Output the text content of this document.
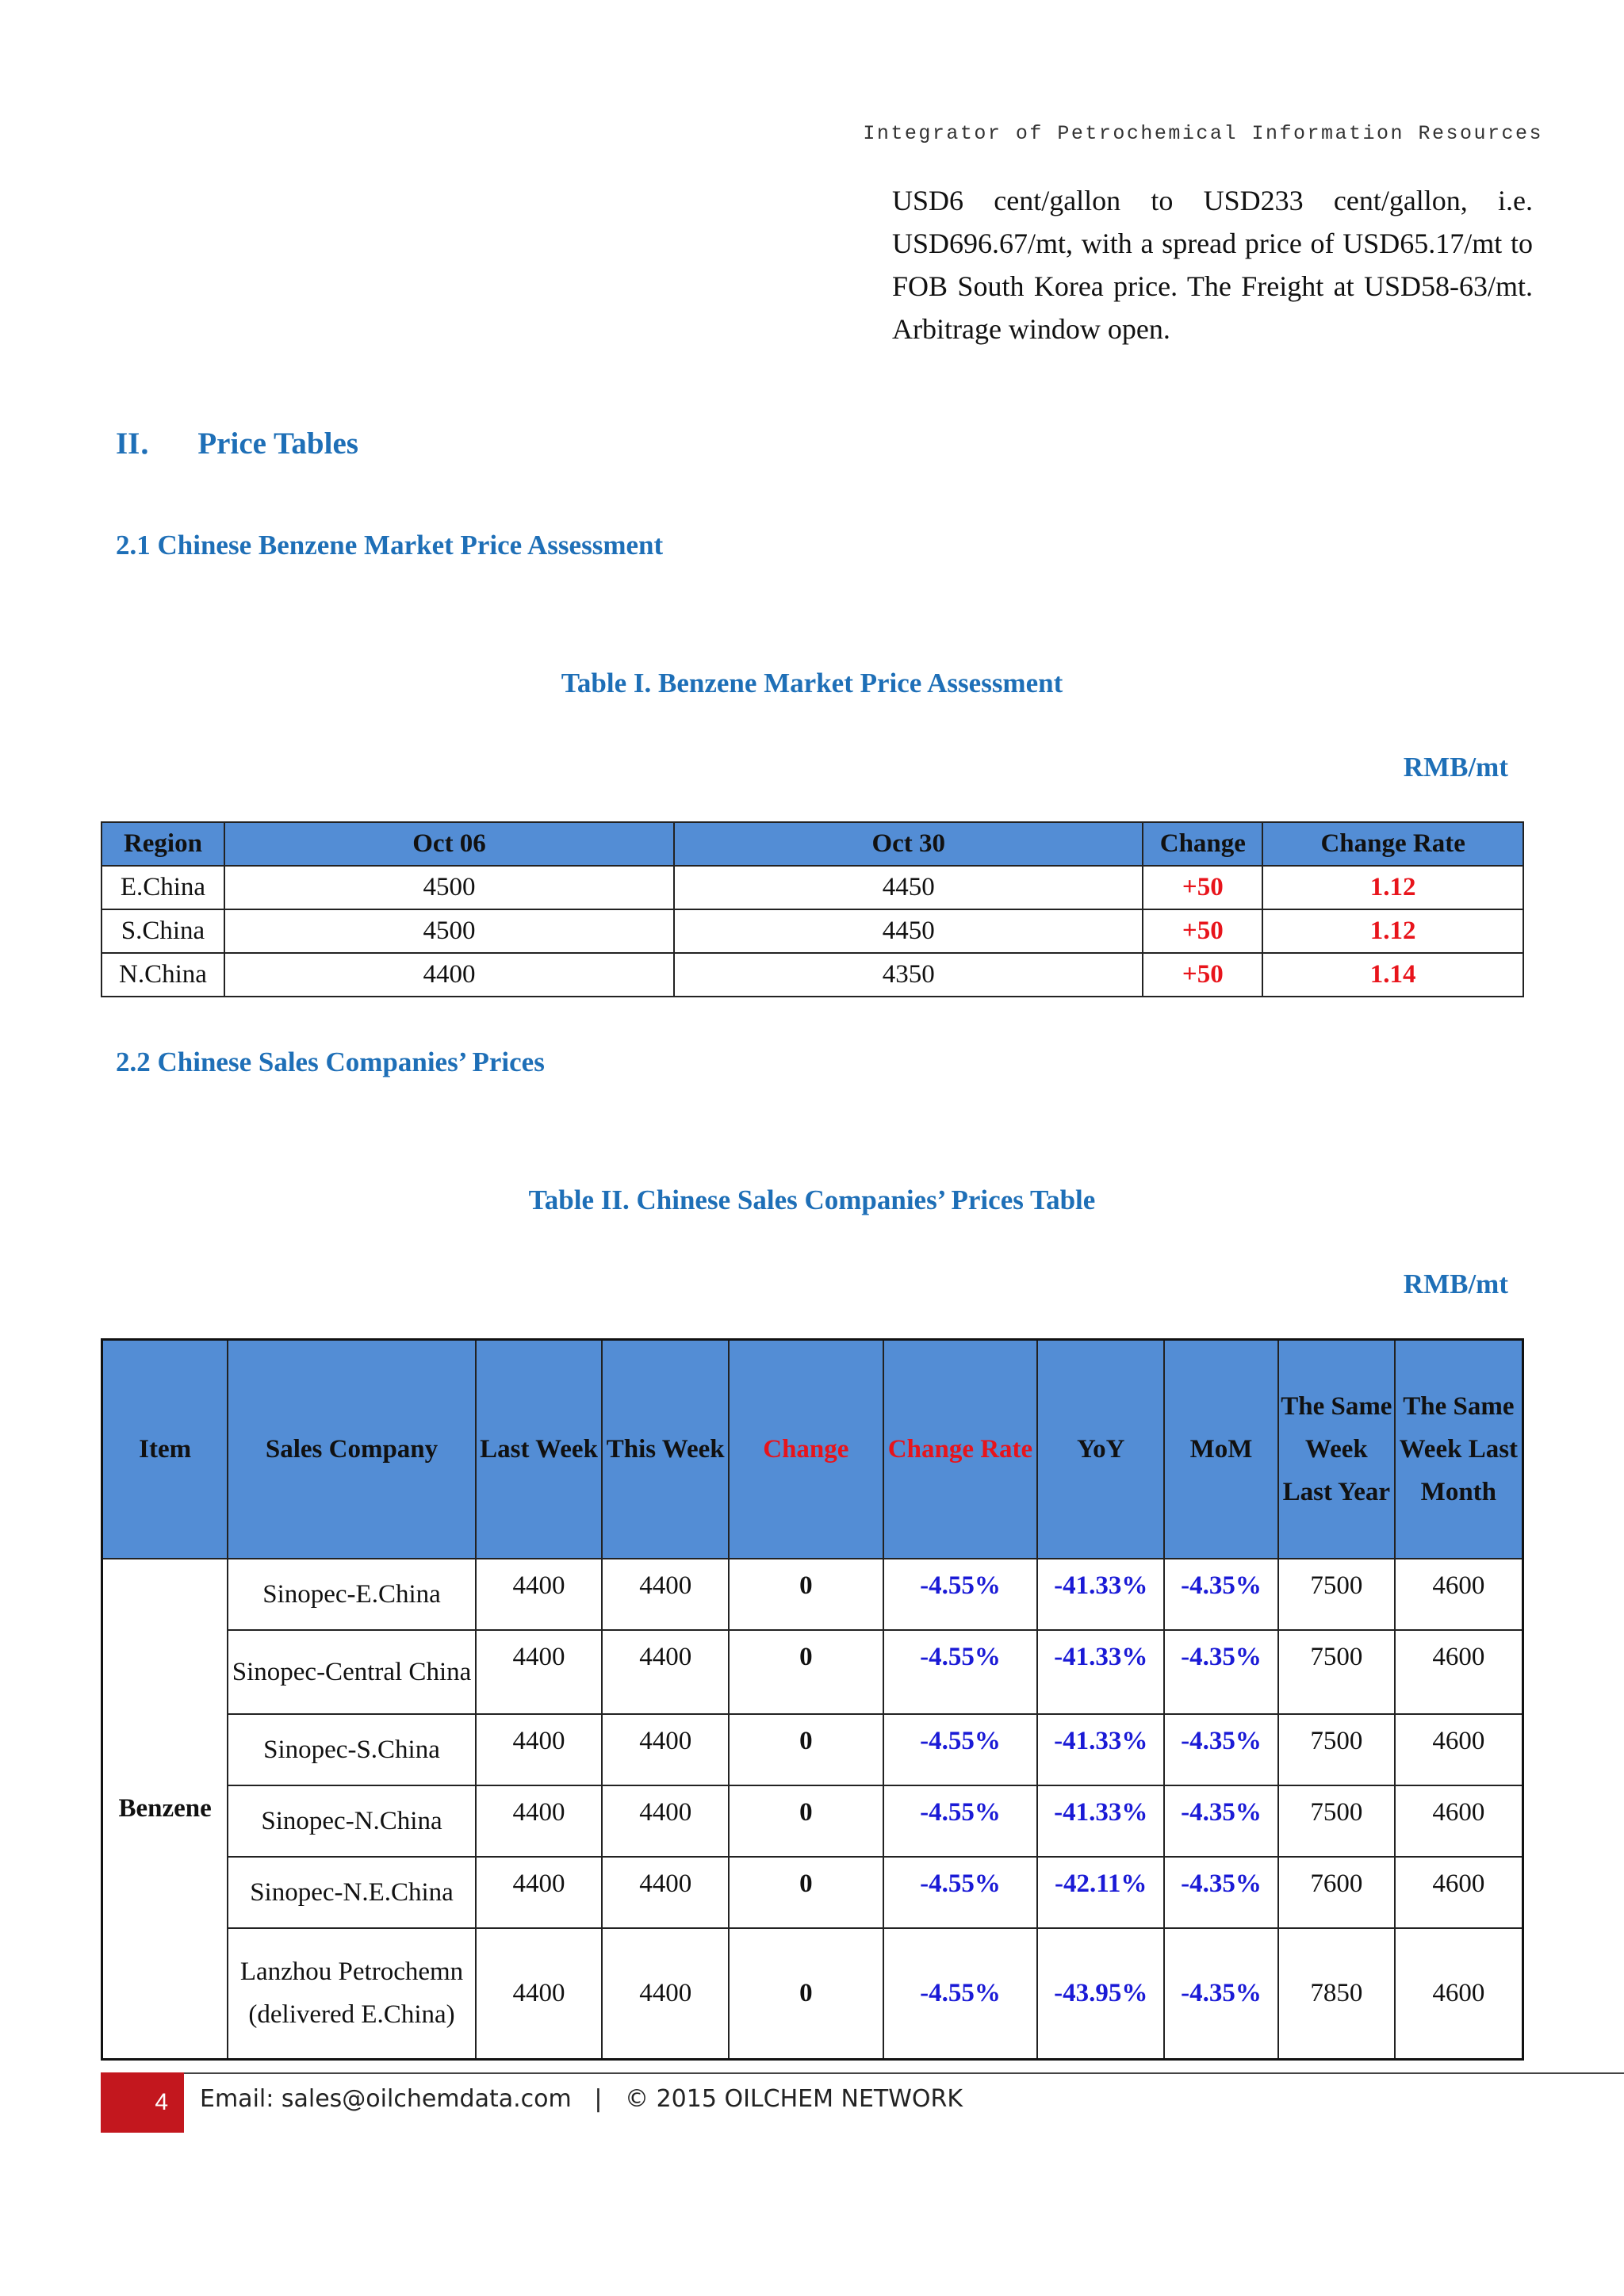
Integrator of Petrochemical Information Resources

USD6 cent/gallon to USD233 cent/gallon, i.e. USD696.67/mt, with a spread price of USD65.17/mt to FOB South Korea price. The Freight at USD58-63/mt. Arbitrage window open.

II． Price Tables
2.1 Chinese Benzene Market Price Assessment
Table I. Benzene Market Price Assessment
RMB/mt
Region	Oct 06	Oct 30	Change	Change Rate
E.China	4500	4450	+50	1.12
S.China	4500	4450	+50	1.12
N.China	4400	4350	+50	1.14
2.2 Chinese Sales Companies’ Prices
Table II. Chinese Sales Companies’ Prices Table
RMB/mt
Item	Sales Company	Last Week	This Week	Change	Change Rate	YoY	MoM	The Same Week Last Year	The Same Week Last Month
Benzene	Sinopec-E.China	4400	4400	0	-4.55%	-41.33%	-4.35%	7500	4600
	Sinopec-Central China	4400	4400	0	-4.55%	-41.33%	-4.35%	7500	4600
	Sinopec-S.China	4400	4400	0	-4.55%	-41.33%	-4.35%	7500	4600
	Sinopec-N.China	4400	4400	0	-4.55%	-41.33%	-4.35%	7500	4600
	Sinopec-N.E.China	4400	4400	0	-4.55%	-42.11%	-4.35%	7600	4600
	Lanzhou Petrochemn (delivered E.China)	4400	4400	0	-4.55%	-43.95%	-4.35%	7850	4600
4	Email: sales@oilchemdata.com | © 2015 OILCHEM NETWORK
